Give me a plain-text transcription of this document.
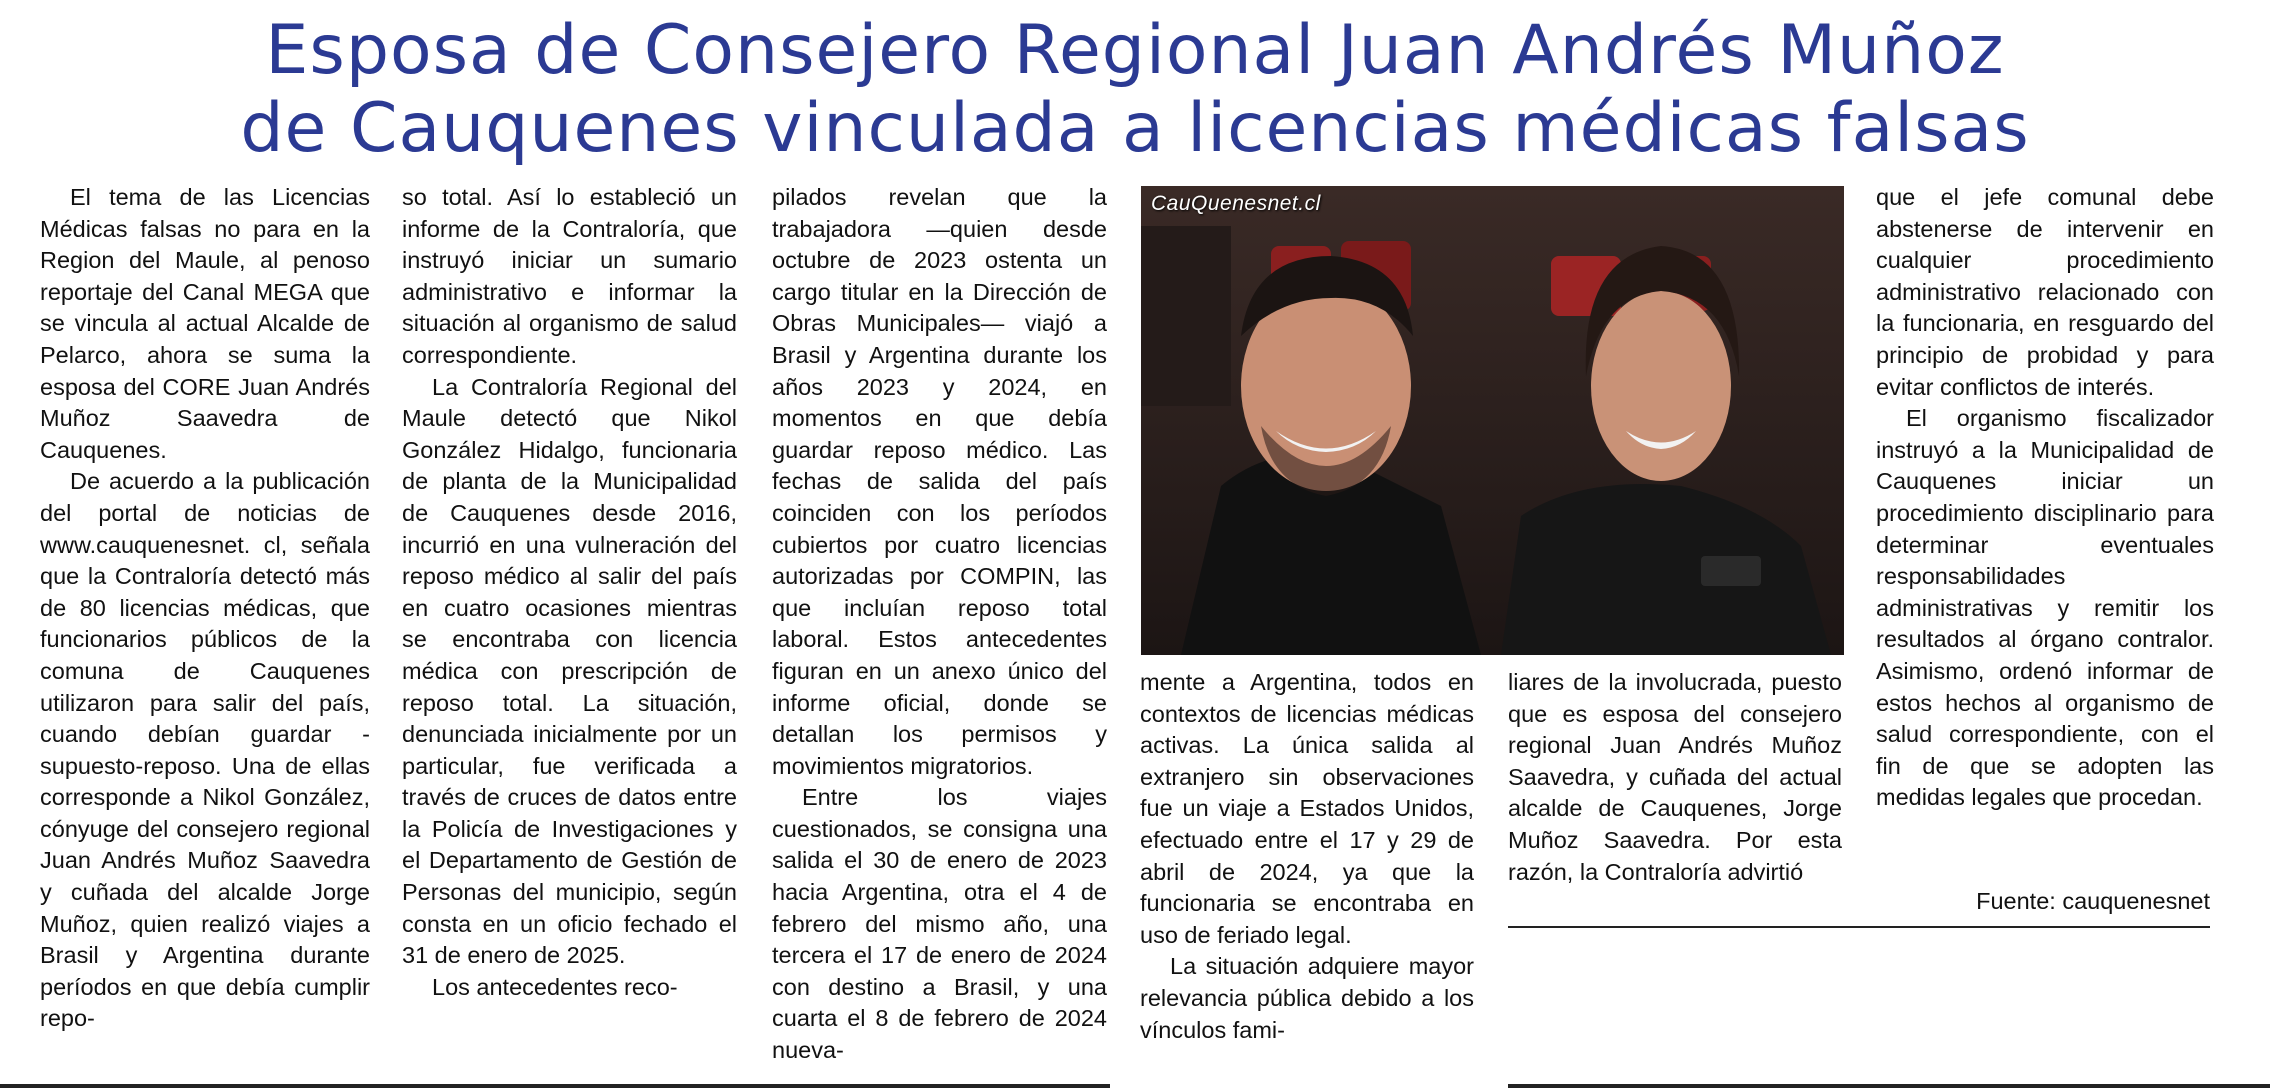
Esposa de Consejero Regional Juan Andrés Muñoz
de Cauquenes vinculada a licencias médicas falsas

El tema de las Licencias Médicas falsas no para en la Region del Maule, al penoso reportaje del Canal MEGA que se vincula al actual Alcalde de Pelarco, ahora se suma la esposa del CORE Juan Andrés Muñoz Saavedra de Cauquenes.

De acuerdo a la publicación del portal de noticias de www.cauquenesnet. cl, señala que la Contraloría detectó más de 80 licencias médicas, que funcionarios públicos de la comuna de Cauquenes utilizaron para salir del país, cuando debían guardar -supuesto-reposo. Una de ellas corresponde a Nikol González, cónyuge del consejero regional Juan Andrés Muñoz Saavedra y cuñada del alcalde Jorge Muñoz, quien realizó viajes a Brasil y Argentina durante períodos en que debía cumplir repo-

so total. Así lo estableció un informe de la Contraloría, que instruyó iniciar un sumario administrativo e informar la situación al organismo de salud correspondiente.

La Contraloría Regional del Maule detectó que Nikol González Hidalgo, funcionaria de planta de la Municipalidad de Cauquenes desde 2016, incurrió en una vulneración del reposo médico al salir del país en cuatro ocasiones mientras se encontraba con licencia médica con prescripción de reposo total. La situación, denunciada inicialmente por un particular, fue verificada a través de cruces de datos entre la Policía de Investigaciones y el Departamento de Gestión de Personas del municipio, según consta en un oficio fechado el 31 de enero de 2025.

Los antecedentes reco-

pilados revelan que la trabajadora —quien desde octubre de 2023 ostenta un cargo titular en la Dirección de Obras Municipales— viajó a Brasil y Argentina durante los años 2023 y 2024, en momentos en que debía guardar reposo médico. Las fechas de salida del país coinciden con los períodos cubiertos por cuatro licencias autorizadas por COMPIN, las que incluían reposo total laboral. Estos antecedentes figuran en un anexo único del informe oficial, donde se detallan los permisos y movimientos migratorios.

Entre los viajes cuestionados, se consigna una salida el 30 de enero de 2023 hacia Argentina, otra el 4 de febrero del mismo año, una tercera el 17 de enero de 2024 con destino a Brasil, y una cuarta el 8 de febrero de 2024 nueva-

CauQuenesnet.cl

mente a Argentina, todos en contextos de licencias médicas activas. La única salida al extranjero sin observaciones fue un viaje a Estados Unidos, efectuado entre el 17 y 29 de abril de 2024, ya que la funcionaria se encontraba en uso de feriado legal.

La situación adquiere mayor relevancia pública debido a los vínculos fami-

liares de la involucrada, puesto que es esposa del consejero regional Juan Andrés Muñoz Saavedra, y cuñada del actual alcalde de Cauquenes, Jorge Muñoz Saavedra. Por esta razón, la Contraloría advirtió

que el jefe comunal debe abstenerse de intervenir en cualquier procedimiento administrativo relacionado con la funcionaria, en resguardo del principio de probidad y para evitar conflictos de interés.

El organismo fiscalizador instruyó a la Municipalidad de Cauquenes iniciar un procedimiento disciplinario para determinar eventuales responsabilidades administrativas y remitir los resultados al órgano contralor. Asimismo, ordenó informar de estos hechos al organismo de salud correspondiente, con el fin de que se adopten las medidas legales que procedan.

Fuente: cauquenesnet
